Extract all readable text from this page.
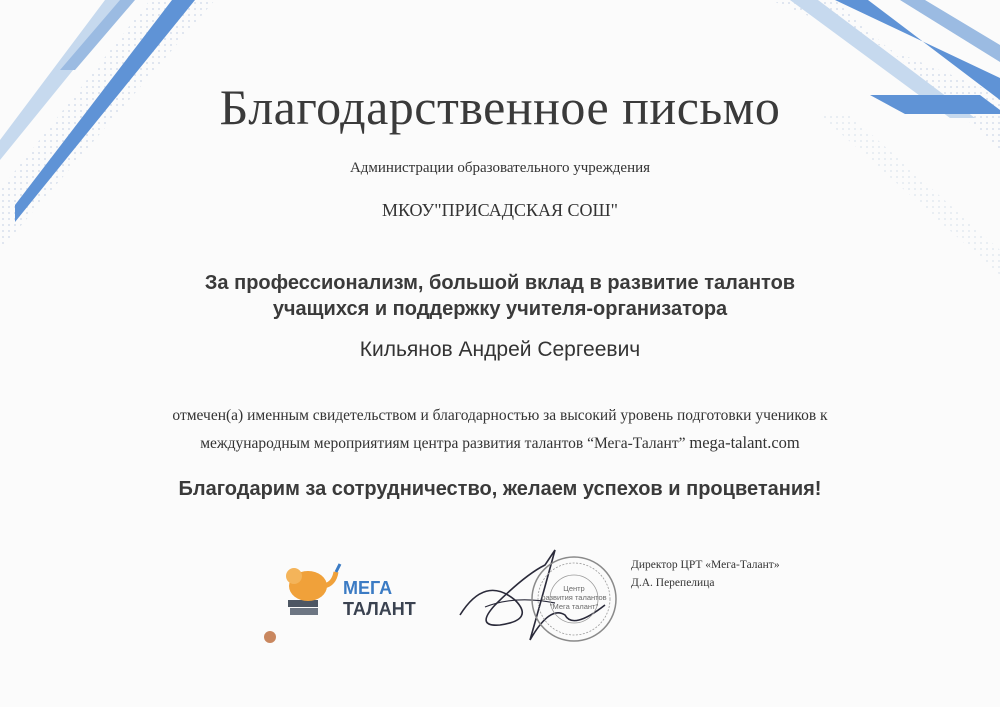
Благодарственное письмо
Администрации образовательного учреждения
МКОУ"ПРИСАДСКАЯ СОШ"
За профессионализм, большой вклад в развитие талантов
учащихся и поддержку учителя-организатора
Кильянов Андрей Сергеевич
отмечен(а) именным свидетельством и благодарностью за высокий уровень подготовки учеников к
международным мероприятиям центра развития талантов “Мега-Талант” mega-talant.com
Благодарим за сотрудничество, желаем успехов и процветания!
МЕГА
ТАЛАНТ
Центр
развития талантов
"Мега талант"
Директор ЦРТ «Мега-Талант»
Д.А. Перепелица
